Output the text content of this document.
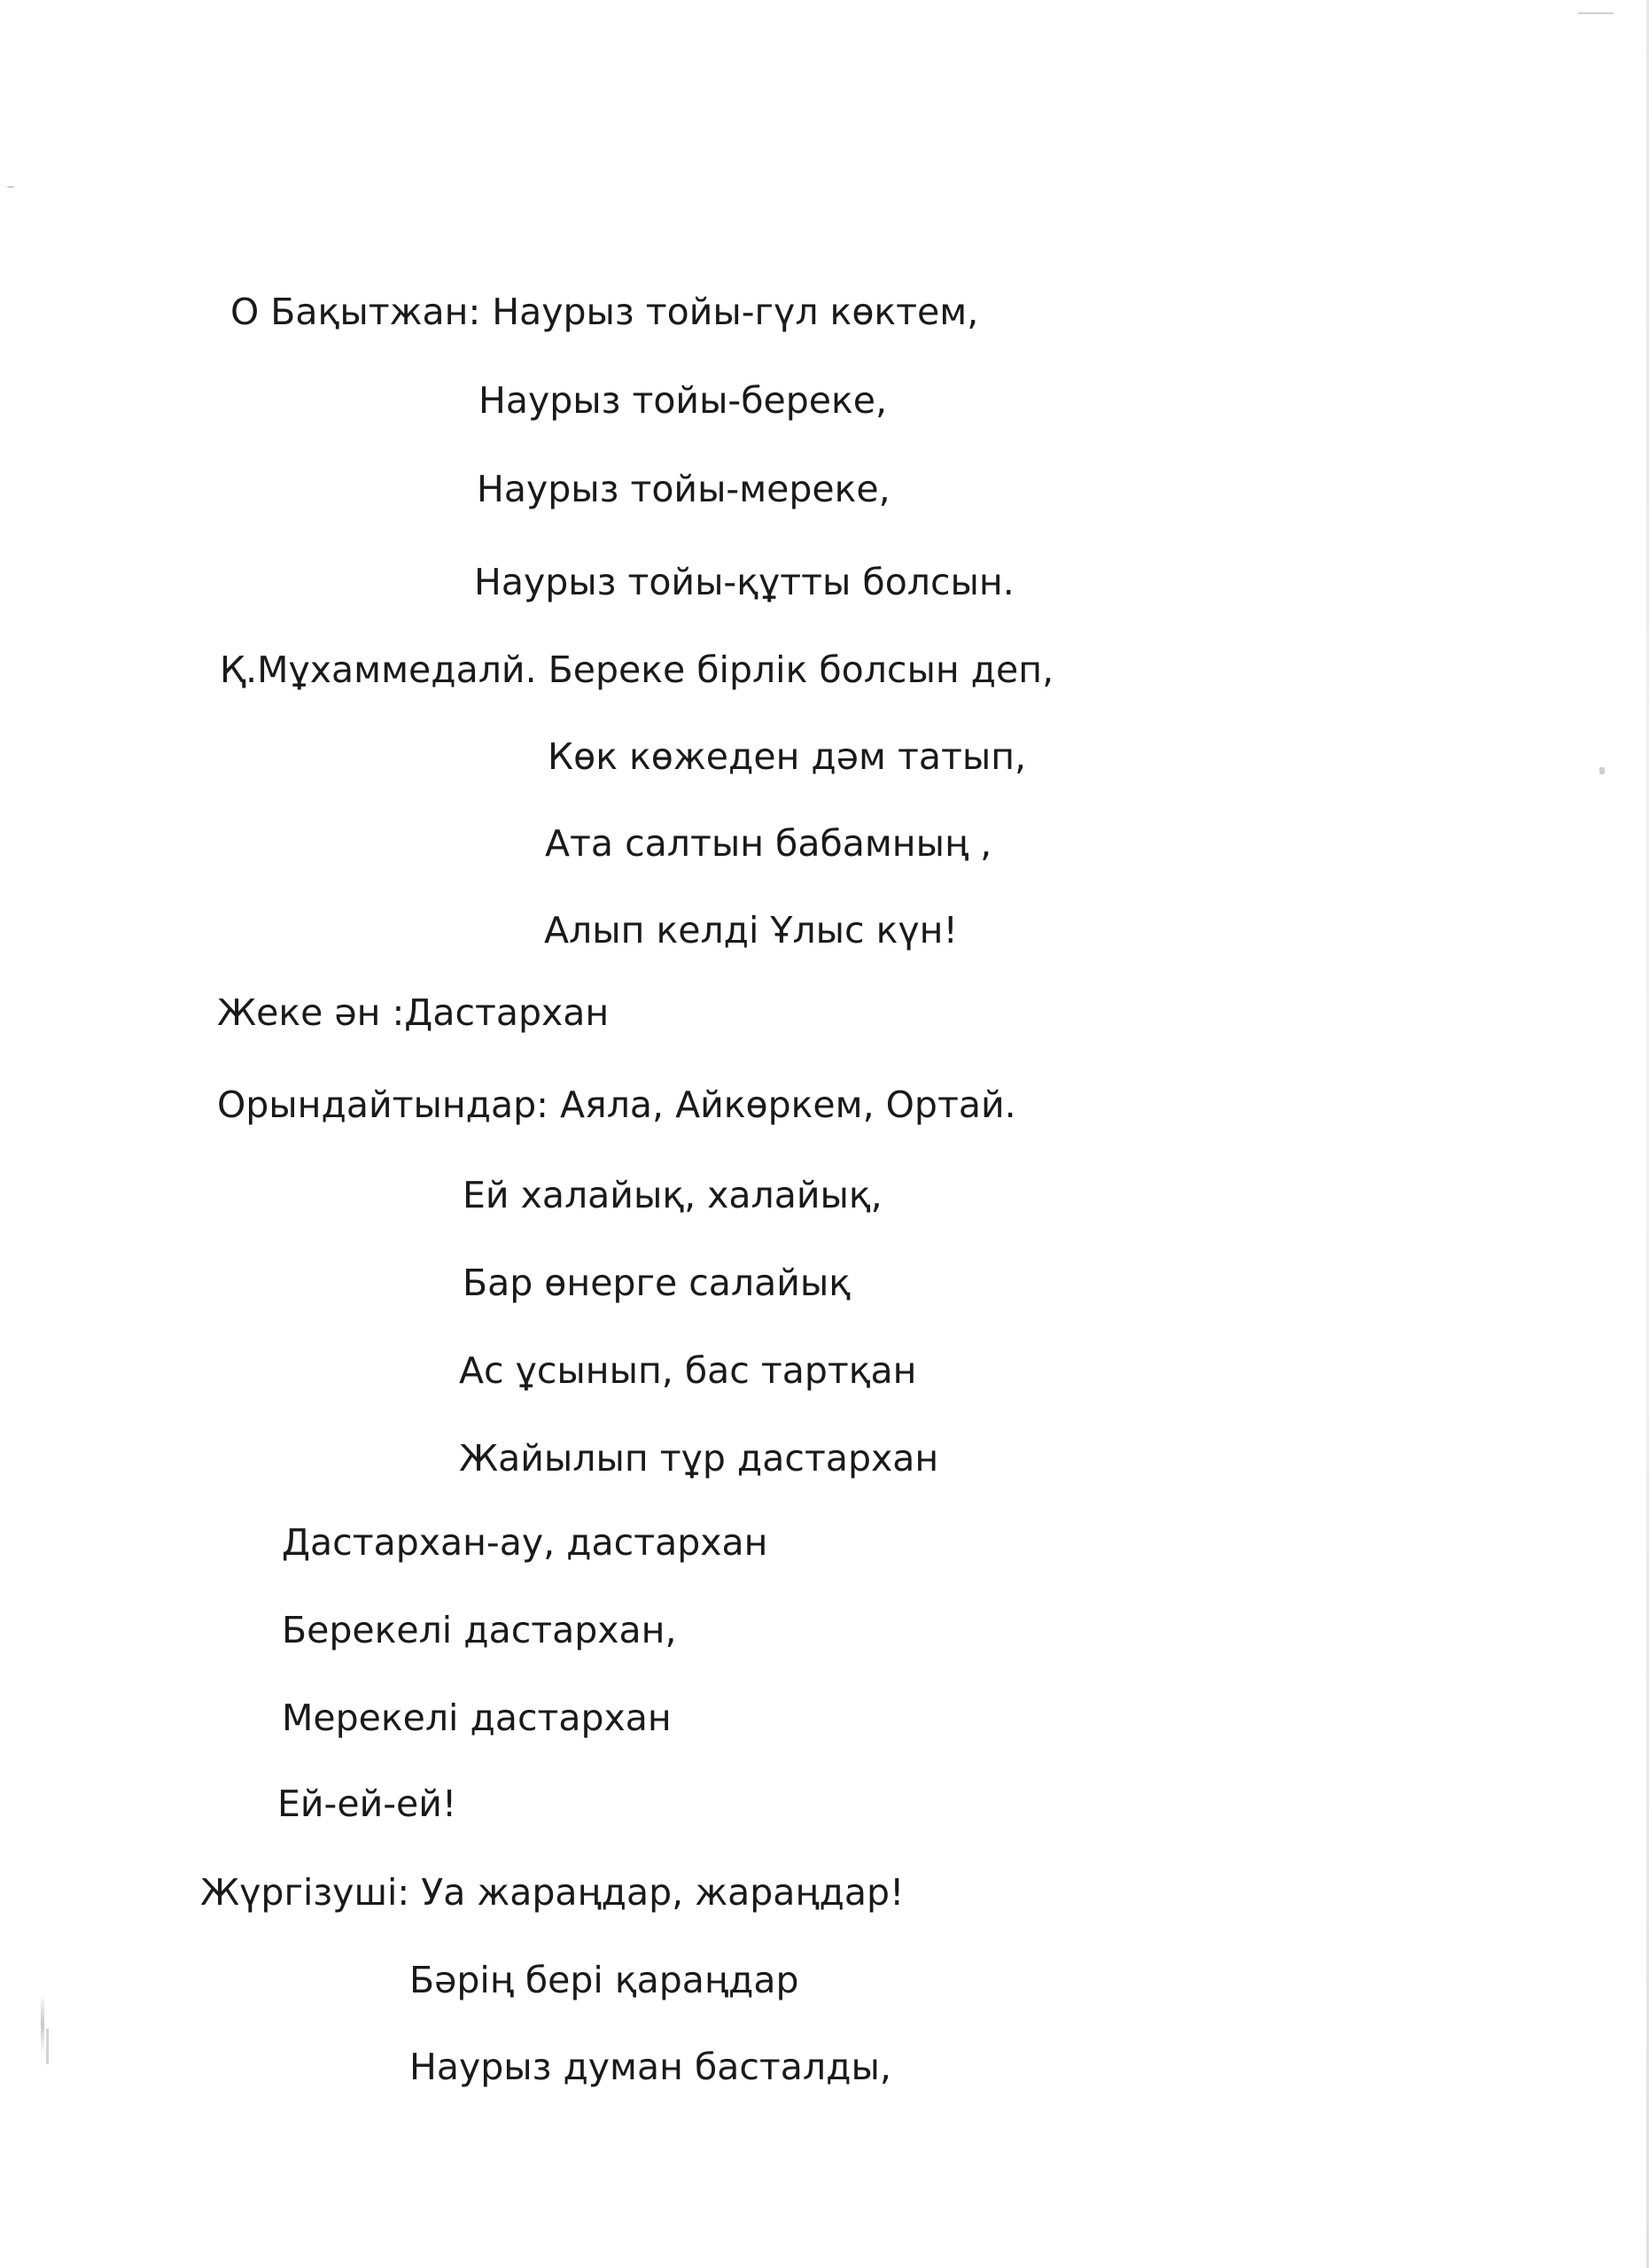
О Бақытжан: Наурыз тойы-гүл көктем,
Наурыз тойы-береке,
Наурыз тойы-мереке,
Наурыз тойы-құтты болсын.
Қ.Мұхаммедалй. Береке бірлік болсын деп,
Көк көжеден дәм татып,
Ата салтын бабамның ,
Алып келді Ұлыс күн!
Жеке ән :Дастархан
Орындайтындар: Аяла, Айкөркем, Ортай.
Ей халайық, халайық,
Бар өнерге салайық
Ас ұсынып, бас тартқан
Жайылып тұр дастархан
Дастархан-ау, дастархан
Берекелі дастархан,
Мерекелі дастархан
Ей-ей-ей!
Жүргізуші: Уа жараңдар, жараңдар!
Бәрің бері қараңдар
Наурыз думан басталды,
